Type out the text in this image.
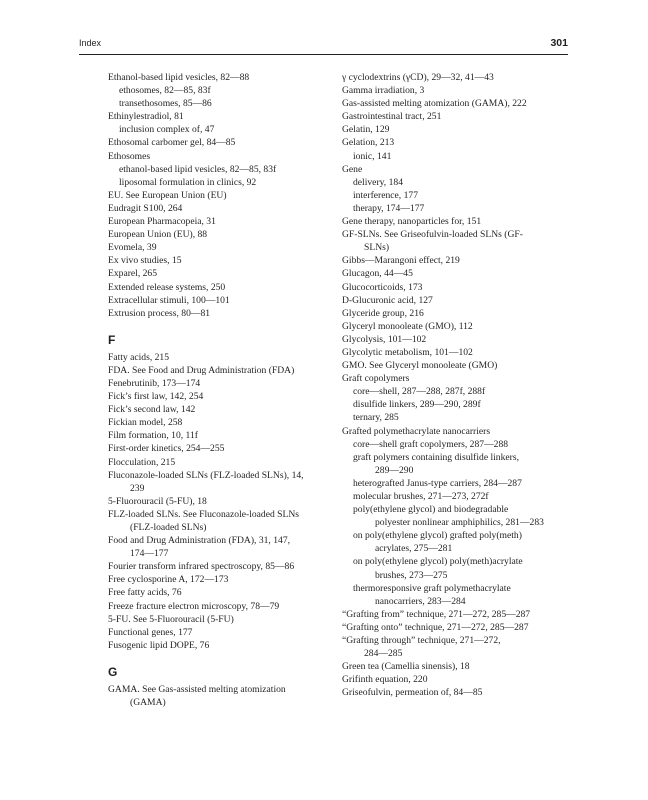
Index	301
Ethanol-based lipid vesicles, 82—88
ethosomes, 82—85, 83f
transethosomes, 85—86
Ethinylestradiol, 81
inclusion complex of, 47
Ethosomal carbomer gel, 84—85
Ethosomes
ethanol-based lipid vesicles, 82—85, 83f
liposomal formulation in clinics, 92
EU. See European Union (EU)
Eudragit S100, 264
European Pharmacopeia, 31
European Union (EU), 88
Evomela, 39
Ex vivo studies, 15
Exparel, 265
Extended release systems, 250
Extracellular stimuli, 100—101
Extrusion process, 80—81
F
Fatty acids, 215
FDA. See Food and Drug Administration (FDA)
Fenebrutinib, 173—174
Fick’s first law, 142, 254
Fick’s second law, 142
Fickian model, 258
Film formation, 10, 11f
First-order kinetics, 254—255
Flocculation, 215
Fluconazole-loaded SLNs (FLZ-loaded SLNs), 14,
239
5-Fluorouracil (5-FU), 18
FLZ-loaded SLNs. See Fluconazole-loaded SLNs
(FLZ-loaded SLNs)
Food and Drug Administration (FDA), 31, 147,
174—177
Fourier transform infrared spectroscopy, 85—86
Free cyclosporine A, 172—173
Free fatty acids, 76
Freeze fracture electron microscopy, 78—79
5-FU. See 5-Fluorouracil (5-FU)
Functional genes, 177
Fusogenic lipid DOPE, 76
G
GAMA. See Gas-assisted melting atomization
(GAMA)
γ cyclodextrins (γCD), 29—32, 41—43
Gamma irradiation, 3
Gas-assisted melting atomization (GAMA), 222
Gastrointestinal tract, 251
Gelatin, 129
Gelation, 213
ionic, 141
Gene
delivery, 184
interference, 177
therapy, 174—177
Gene therapy, nanoparticles for, 151
GF-SLNs. See Griseofulvin-loaded SLNs (GF-
SLNs)
Gibbs—Marangoni effect, 219
Glucagon, 44—45
Glucocorticoids, 173
D-Glucuronic acid, 127
Glyceride group, 216
Glyceryl monooleate (GMO), 112
Glycolysis, 101—102
Glycolytic metabolism, 101—102
GMO. See Glyceryl monooleate (GMO)
Graft copolymers
core—shell, 287—288, 287f, 288f
disulfide linkers, 289—290, 289f
ternary, 285
Grafted polymethacrylate nanocarriers
core—shell graft copolymers, 287—288
graft polymers containing disulfide linkers,
289—290
heterografted Janus-type carriers, 284—287
molecular brushes, 271—273, 272f
poly(ethylene glycol) and biodegradable
polyester nonlinear amphiphilics, 281—283
on poly(ethylene glycol) grafted poly(meth)
acrylates, 275—281
on poly(ethylene glycol) poly(meth)acrylate
brushes, 273—275
thermoresponsive graft polymethacrylate
nanocarriers, 283—284
“Grafting from” technique, 271—272, 285—287
“Grafting onto” technique, 271—272, 285—287
“Grafting through” technique, 271—272,
284—285
Green tea (Camellia sinensis), 18
Grifinth equation, 220
Griseofulvin, permeation of, 84—85
